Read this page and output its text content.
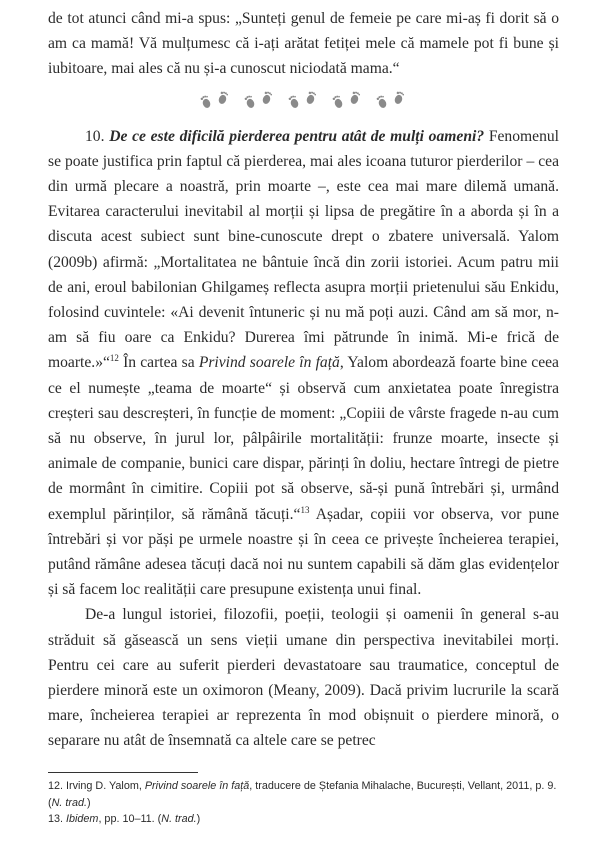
de tot atunci când mi-a spus: „Sunteți genul de femeie pe care mi-aș fi dorit să o am ca mamă! Vă mulțumesc că i-ați arătat fetiței mele că mamele pot fi bune și iubitoare, mai ales că nu și-a cunoscut niciodată mama.“

10. De ce este dificilă pierderea pentru atât de mulți oameni? Fenomenul se poate justifica prin faptul că pierderea, mai ales icoana tuturor pierderilor – cea din urmă plecare a noastră, prin moarte –, este cea mai mare dilemă umană. Evitarea caracterului inevitabil al morții și lipsa de pregătire în a aborda și în a discuta acest subiect sunt bine-cunoscute drept o zbatere universală. Yalom (2009b) afirmă: „Mortalitatea ne bântuie încă din zorii istoriei. Acum patru mii de ani, eroul babilonian Ghilgameș reflecta asupra morții prietenului său Enkidu, folosind cuvintele: «Ai devenit întuneric și nu mă poți auzi. Când am să mor, n-am să fiu oare ca Enkidu? Durerea îmi pătrunde în inimă. Mi-e frică de moarte.»“$^{12}$ În cartea sa Privind soarele în față, Yalom abordează foarte bine ceea ce el numește „teama de moarte“ și observă cum anxietatea poate înregistra creșteri sau descreșteri, în funcție de moment: „Copiii de vârste fragede n-au cum să nu observe, în jurul lor, pâlpâirile mortalității: frunze moarte, insecte și animale de companie, bunici care dispar, părinți în doliu, hectare întregi de pietre de mormânt în cimitire. Copiii pot să observe, să-și pună întrebări și, urmând exemplul părinților, să rămână tăcuți.“$^{13}$ Așadar, copiii vor observa, vor pune întrebări și vor păși pe urmele noastre și în ceea ce privește încheierea terapiei, putând rămâne adesea tăcuți dacă noi nu suntem capabili să dăm glas evidențelor și să facem loc realității care presupune existența unui final.

De-a lungul istoriei, filozofii, poeții, teologii și oamenii în general s-au străduit să găsească un sens vieții umane din perspectiva inevitabilei morți. Pentru cei care au suferit pierderi devastatoare sau traumatice, conceptul de pierdere minoră este un oximoron (Meany, 2009). Dacă privim lucrurile la scară mare, încheierea terapiei ar reprezenta în mod obișnuit o pierdere minoră, o separare nu atât de însemnată ca altele care se petrec

12. Irving D. Yalom, Privind soarele în față, traducere de Ștefania Mihalache, București, Vellant, 2011, p. 9. (N. trad.)

13. Ibidem, pp. 10–11. (N. trad.)
